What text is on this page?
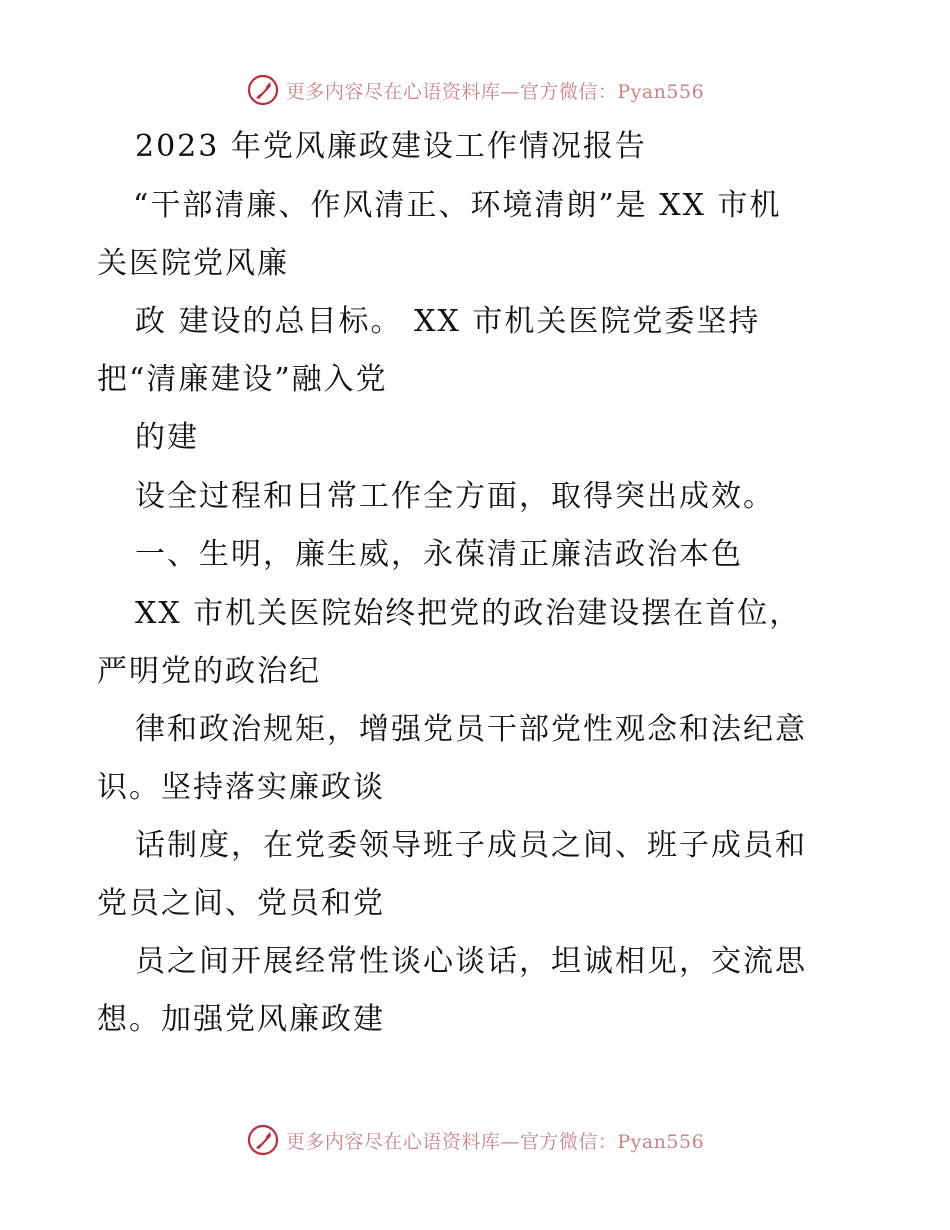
更多内容尽在心语资料库—官方微信：Pyan556
2023 年党风廉政建设工作情况报告
“干部清廉、作风清正、环境清朗”是 XX 市机
关医院党风廉
政 建设的总目标。 XX 市机关医院党委坚持
把“清廉建设”融入党
的建
设全过程和日常工作全方面，取得突出成效。
一、生明，廉生威，永葆清正廉洁政治本色
XX 市机关医院始终把党的政治建设摆在首位，
严明党的政治纪
律和政治规矩，增强党员干部党性观念和法纪意
识。坚持落实廉政谈
话制度，在党委领导班子成员之间、班子成员和
党员之间、党员和党
员之间开展经常性谈心谈话，坦诚相见，交流思
想。加强党风廉政建
更多内容尽在心语资料库—官方微信：Pyan556
